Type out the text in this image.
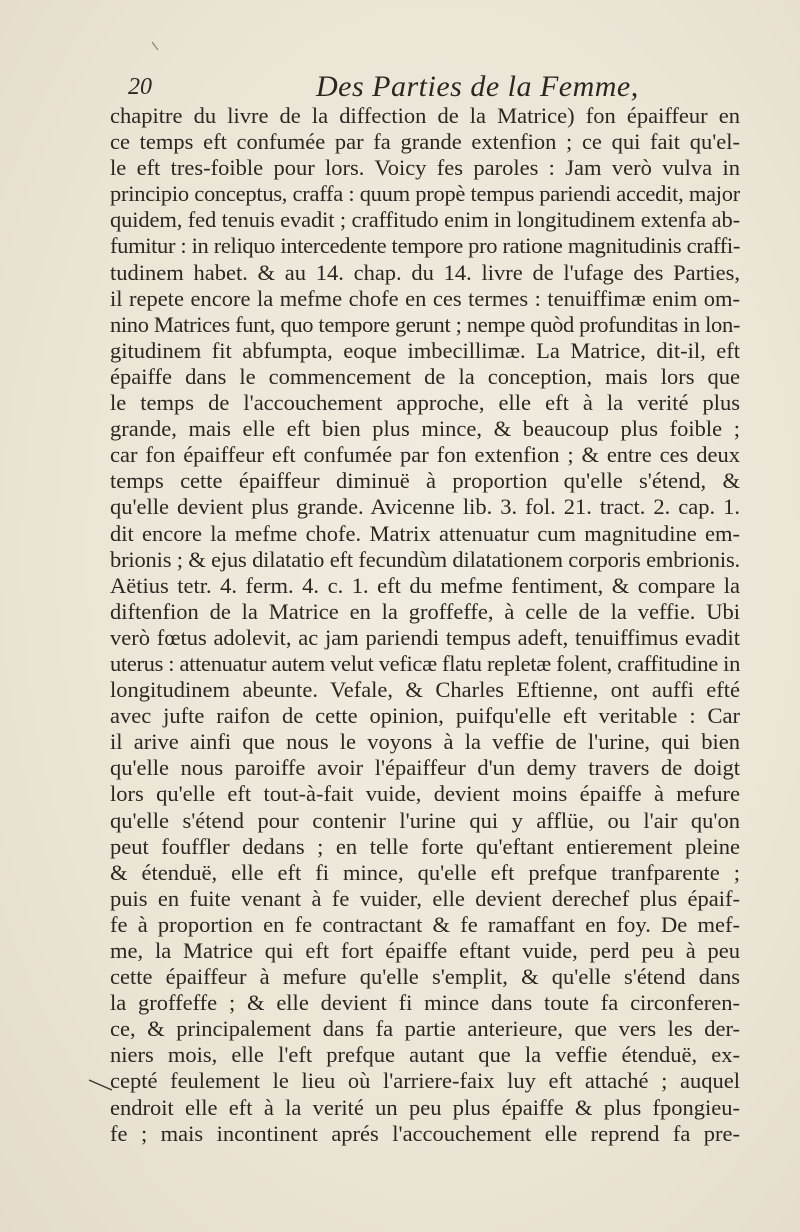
20	Des Parties de la Femme,
chapitre du livre de la diffection de la Matrice) fon épaiffeur en
ce temps eft confumée par fa grande extenfion ; ce qui fait qu'el-
le eft tres-foible pour lors. Voicy fes paroles : Jam verò vulva in
principio conceptus, craffa : quum propè tempus pariendi accedit, major
quidem, fed tenuis evadit ; craffitudo enim in longitudinem extenfa ab-
fumitur : in reliquo intercedente tempore pro ratione magnitudinis craffi-
tudinem habet. & au 14. chap. du 14. livre de l'ufage des Parties,
il repete encore la mefme chofe en ces termes : tenuiffimæ enim om-
nino Matrices funt, quo tempore gerunt ; nempe quòd profunditas in lon-
gitudinem fit abfumpta, eoque imbecillimæ. La Matrice, dit-il, eft
épaiffe dans le commencement de la conception, mais lors que
le temps de l'accouchement approche, elle eft à la verité plus
grande, mais elle eft bien plus mince, & beaucoup plus foible ;
car fon épaiffeur eft confumée par fon extenfion ; & entre ces deux
temps cette épaiffeur diminuë à proportion qu'elle s'étend, &
qu'elle devient plus grande. Avicenne lib. 3. fol. 21. tract. 2. cap. 1.
dit encore la mefme chofe. Matrix attenuatur cum magnitudine em-
brionis ; & ejus dilatatio eft fecundùm dilatationem corporis embrionis.
Aëtius tetr. 4. ferm. 4. c. 1. eft du mefme fentiment, & compare la
diftenfion de la Matrice en la groffeffe, à celle de la veffie. Ubi
verò fœtus adolevit, ac jam pariendi tempus adeft, tenuiffimus evadit
uterus : attenuatur autem velut veficæ flatu repletæ folent, craffitudine in
longitudinem abeunte. Vefale, & Charles Eftienne, ont auffi efté
avec jufte raifon de cette opinion, puifqu'elle eft veritable : Car
il arive ainfi que nous le voyons à la veffie de l'urine, qui bien
qu'elle nous paroiffe avoir l'épaiffeur d'un demy travers de doigt
lors qu'elle eft tout-à-fait vuide, devient moins épaiffe à mefure
qu'elle s'étend pour contenir l'urine qui y afflüe, ou l'air qu'on
peut fouffler dedans ; en telle forte qu'eftant entierement pleine
& étenduë, elle eft fi mince, qu'elle eft prefque tranfparente ;
puis en fuite venant à fe vuider, elle devient derechef plus épaif-
fe à proportion en fe contractant & fe ramaffant en foy. De mef-
me, la Matrice qui eft fort épaiffe eftant vuide, perd peu à peu
cette épaiffeur à mefure qu'elle s'emplit, & qu'elle s'étend dans
la groffeffe ; & elle devient fi mince dans toute fa circonferen-
ce, & principalement dans fa partie anterieure, que vers les der-
niers mois, elle l'eft prefque autant que la veffie étenduë, ex-
cepté feulement le lieu où l'arriere-faix luy eft attaché ; auquel
endroit elle eft à la verité un peu plus épaiffe & plus fpongieu-
fe ; mais incontinent aprés l'accouchement elle reprend fa pre-
